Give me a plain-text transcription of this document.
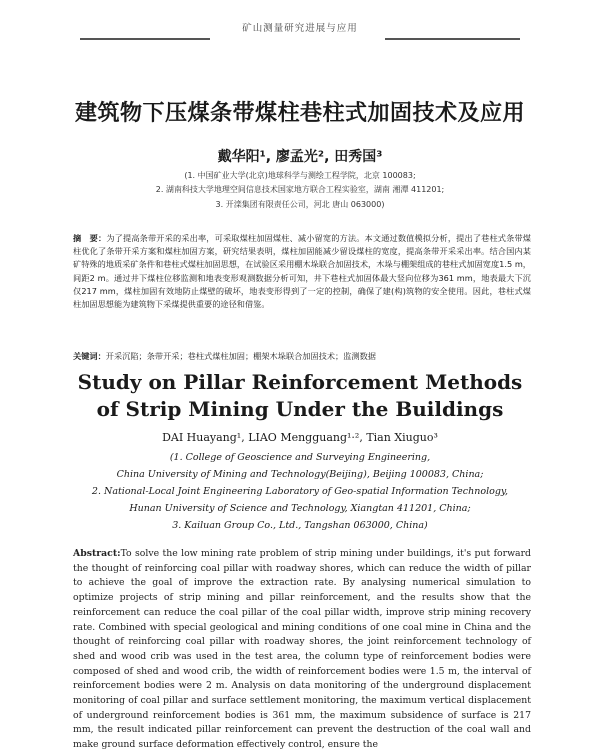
矿山测量研究进展与应用
建筑物下压煤条带煤柱巷柱式加固技术及应用
戴华阳¹, 廖孟光², 田秀国³
(1. 中国矿业大学(北京)地球科学与测绘工程学院，北京 100083;
2. 湖南科技大学地理空间信息技术国家地方联合工程实验室，湖南 湘潭 411201;
3. 开滦集团有限责任公司，河北 唐山 063000)
摘　要：为了提高条带开采的采出率，可采取煤柱加固煤柱、减小留宽的方法。本文通过数值模拟分析，提出了巷柱式条带煤柱优化了条带开采方案和煤柱加固方案，研究结果表明，煤柱加固能减少留设煤柱的宽度，提高条带开采采出率。结合国内某矿特殊的地质采矿条件和巷柱式煤柱加固思想，在试验区采用棚木垛联合加固技术，木垛与棚架组成的巷柱式加固宽度1.5 m，间距2 m。通过井下煤柱位移监测和地表变形观测数据分析可知，井下巷柱式加固体最大竖向位移为361 mm，地表最大下沉仅217 mm，煤柱加固有效地防止煤壁的破坏，地表变形得到了一定的控制，确保了建(构)筑物的安全使用。因此，巷柱式煤柱加固思想能为建筑物下采煤提供重要的途径和借鉴。
关键词：开采沉陷；条带开采；巷柱式煤柱加固；棚架木垛联合加固技术；监测数据
Study on Pillar Reinforcement Methods
of Strip Mining Under the Buildings
DAI Huayang¹, LIAO Mengguang¹·², Tian Xiuguo³
(1. College of Geoscience and Surveying Engineering,
China University of Mining and Technology(Beijing), Beijing 100083, China;
2. National-Local Joint Engineering Laboratory of Geo-spatial Information Technology,
Hunan University of Science and Technology, Xiangtan 411201, China;
3. Kailuan Group Co., Ltd., Tangshan 063000, China)
Abstract:To solve the low mining rate problem of strip mining under buildings, it's put forward the thought of reinforcing coal pillar with roadway shores, which can reduce the width of pillar to achieve the goal of improve the extraction rate. By analysing numerical simulation to optimize projects of strip mining and pillar reinforcement, and the results show that the reinforcement can reduce the coal pillar of the coal pillar width, improve strip mining recovery rate. Combined with special geological and mining conditions of one coal mine in China and the thought of reinforcing coal pillar with roadway shores, the joint reinforcement technology of shed and wood crib was used in the test area, the column type of reinforcement bodies were composed of shed and wood crib, the width of reinforcement bodies were 1.5 m, the interval of reinforcement bodies were 2 m. Analysis on data monitoring of the underground displacement monitoring of coal pillar and surface settlement monitoring, the maximum vertical displacement of underground reinforcement bodies is 361 mm, the maximum subsidence of surface is 217 mm, the result indicated pillar reinforcement can prevent the destruction of the coal wall and make ground surface deformation effectively control, ensure the
